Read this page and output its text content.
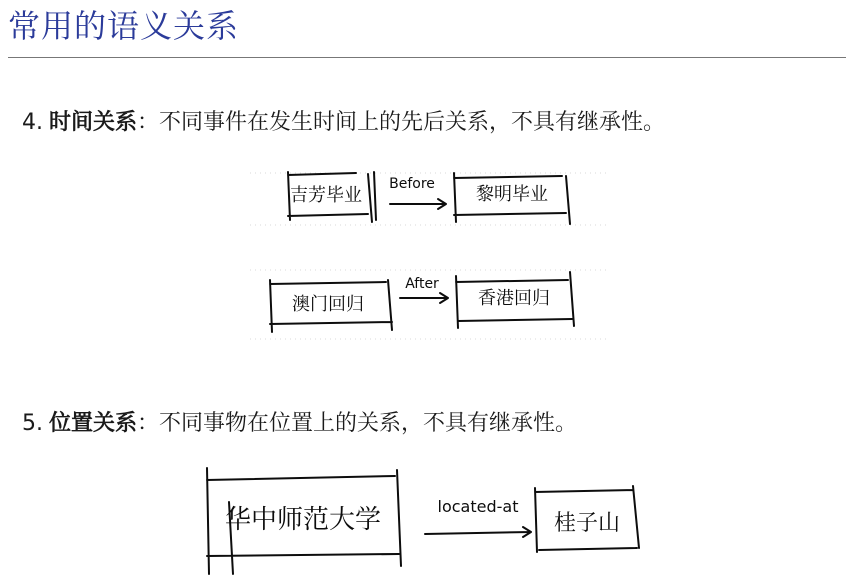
常用的语义关系
4. 时间关系：不同事件在发生时间上的先后关系，不具有继承性。
吉芳毕业
Before 黎明毕业
澳门回归
After
香港回归
5. 位置关系：不同事物在位置上的关系，不具有继承性。
华中师范大学	located-at
桂子山
